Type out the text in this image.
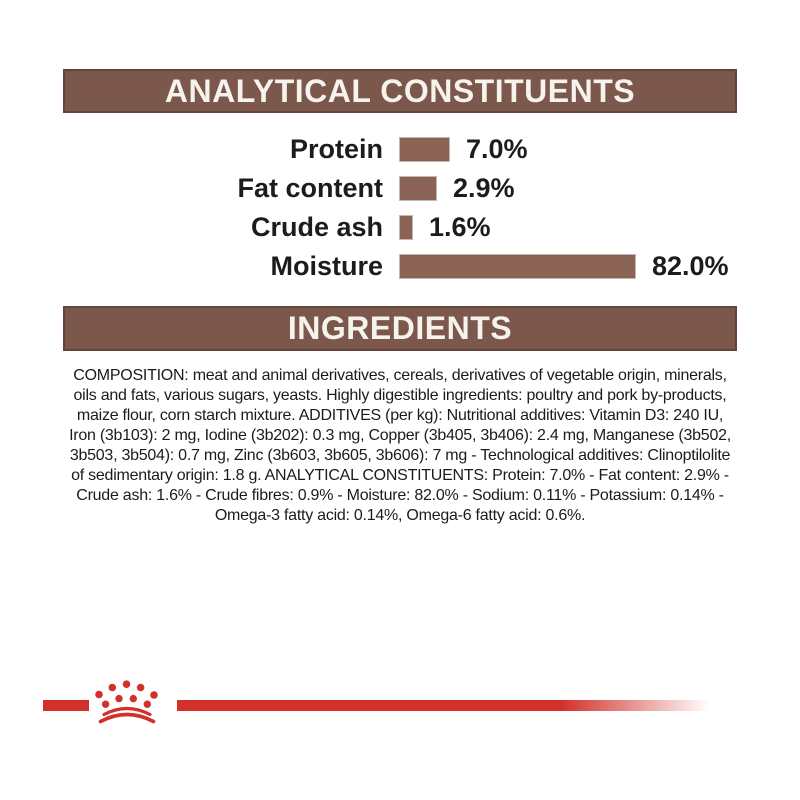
ANALYTICAL CONSTITUENTS
Protein	7.0%
Fat content	2.9%
Crude ash 1.6%
Moisture	82.0%
INGREDIENTS
COMPOSITION: meat and animal derivatives, cereals, derivatives of vegetable origin, minerals,
oils and fats, various sugars, yeasts. Highly digestible ingredients: poultry and pork by-products,
maize flour, corn starch mixture. ADDITIVES (per kg): Nutritional additives: Vitamin D3: 240 IU,
Iron (3b103): 2 mg, Iodine (3b202): 0.3 mg, Copper (3b405, 3b406): 2.4 mg, Manganese (3b502,
3b503, 3b504): 0.7 mg, Zinc (3b603, 3b605, 3b606): 7 mg - Technological additives: Clinoptilolite
of sedimentary origin: 1.8 g. ANALYTICAL CONSTITUENTS: Protein: 7.0% - Fat content: 2.9% -
Crude ash: 1.6% - Crude fibres: 0.9% - Moisture: 82.0% - Sodium: 0.11% - Potassium: 0.14% -
Omega-3 fatty acid: 0.14%, Omega-6 fatty acid: 0.6%.
